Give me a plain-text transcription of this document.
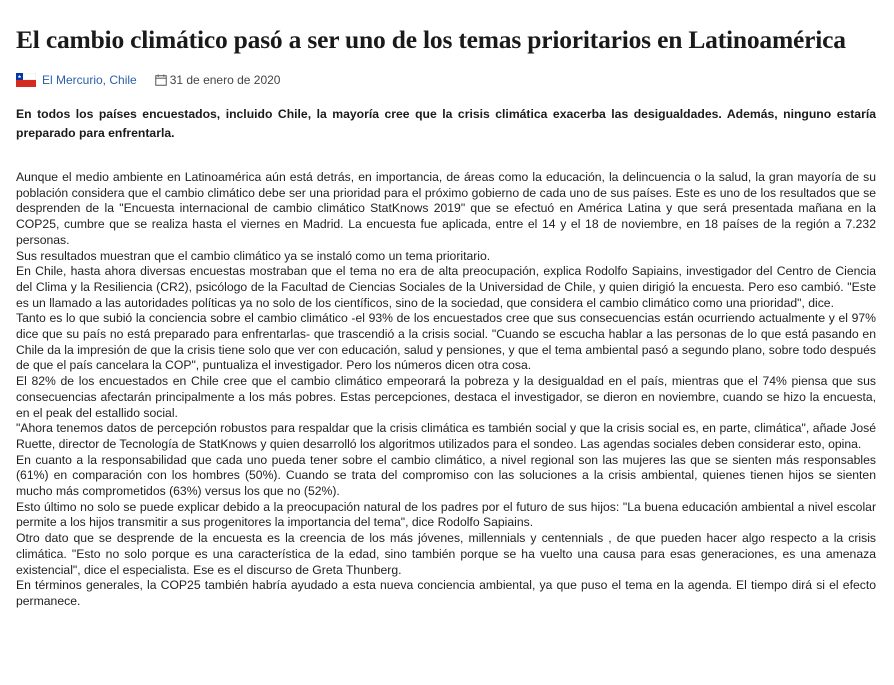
El cambio climático pasó a ser uno de los temas prioritarios en Latinoamérica
El Mercurio, Chile	31 de enero de 2020

En todos los países encuestados, incluido Chile, la mayoría cree que la crisis climática exacerba las desigualdades. Además, ninguno estaría preparado para enfrentarla.

Aunque el medio ambiente en Latinoamérica aún está detrás, en importancia, de áreas como la educación, la delincuencia o la salud, la gran mayoría de su población considera que el cambio climático debe ser una prioridad para el próximo gobierno de cada uno de sus países. Este es uno de los resultados que se desprenden de la "Encuesta internacional de cambio climático StatKnows 2019" que se efectuó en América Latina y que será presentada mañana en la COP25, cumbre que se realiza hasta el viernes en Madrid. La encuesta fue aplicada, entre el 14 y el 18 de noviembre, en 18 países de la región a 7.232 personas.

Sus resultados muestran que el cambio climático ya se instaló como un tema prioritario.

En Chile, hasta ahora diversas encuestas mostraban que el tema no era de alta preocupación, explica Rodolfo Sapiains, investigador del Centro de Ciencia del Clima y la Resiliencia (CR2), psicólogo de la Facultad de Ciencias Sociales de la Universidad de Chile, y quien dirigió la encuesta. Pero eso cambió. "Este es un llamado a las autoridades políticas ya no solo de los científicos, sino de la sociedad, que considera el cambio climático como una prioridad", dice.

Tanto es lo que subió la conciencia sobre el cambio climático -el 93% de los encuestados cree que sus consecuencias están ocurriendo actualmente y el 97% dice que su país no está preparado para enfrentarlas- que trascendió a la crisis social. "Cuando se escucha hablar a las personas de lo que está pasando en Chile da la impresión de que la crisis tiene solo que ver con educación, salud y pensiones, y que el tema ambiental pasó a segundo plano, sobre todo después de que el país cancelara la COP", puntualiza el investigador. Pero los números dicen otra cosa.

El 82% de los encuestados en Chile cree que el cambio climático empeorará la pobreza y la desigualdad en el país, mientras que el 74% piensa que sus consecuencias afectarán principalmente a los más pobres. Estas percepciones, destaca el investigador, se dieron en noviembre, cuando se hizo la encuesta, en el peak del estallido social.

"Ahora tenemos datos de percepción robustos para respaldar que la crisis climática es también social y que la crisis social es, en parte, climática", añade José Ruette, director de Tecnología de StatKnows y quien desarrolló los algoritmos utilizados para el sondeo. Las agendas sociales deben considerar esto, opina.

En cuanto a la responsabilidad que cada uno pueda tener sobre el cambio climático, a nivel regional son las mujeres las que se sienten más responsables (61%) en comparación con los hombres (50%). Cuando se trata del compromiso con las soluciones a la crisis ambiental, quienes tienen hijos se sienten mucho más comprometidos (63%) versus los que no (52%).

Esto último no solo se puede explicar debido a la preocupación natural de los padres por el futuro de sus hijos: "La buena educación ambiental a nivel escolar permite a los hijos transmitir a sus progenitores la importancia del tema", dice Rodolfo Sapiains.

Otro dato que se desprende de la encuesta es la creencia de los más jóvenes, millennials y centennials , de que pueden hacer algo respecto a la crisis climática. "Esto no solo porque es una característica de la edad, sino también porque se ha vuelto una causa para esas generaciones, es una amenaza existencial", dice el especialista. Ese es el discurso de Greta Thunberg.

En términos generales, la COP25 también habría ayudado a esta nueva conciencia ambiental, ya que puso el tema en la agenda. El tiempo dirá si el efecto permanece.
